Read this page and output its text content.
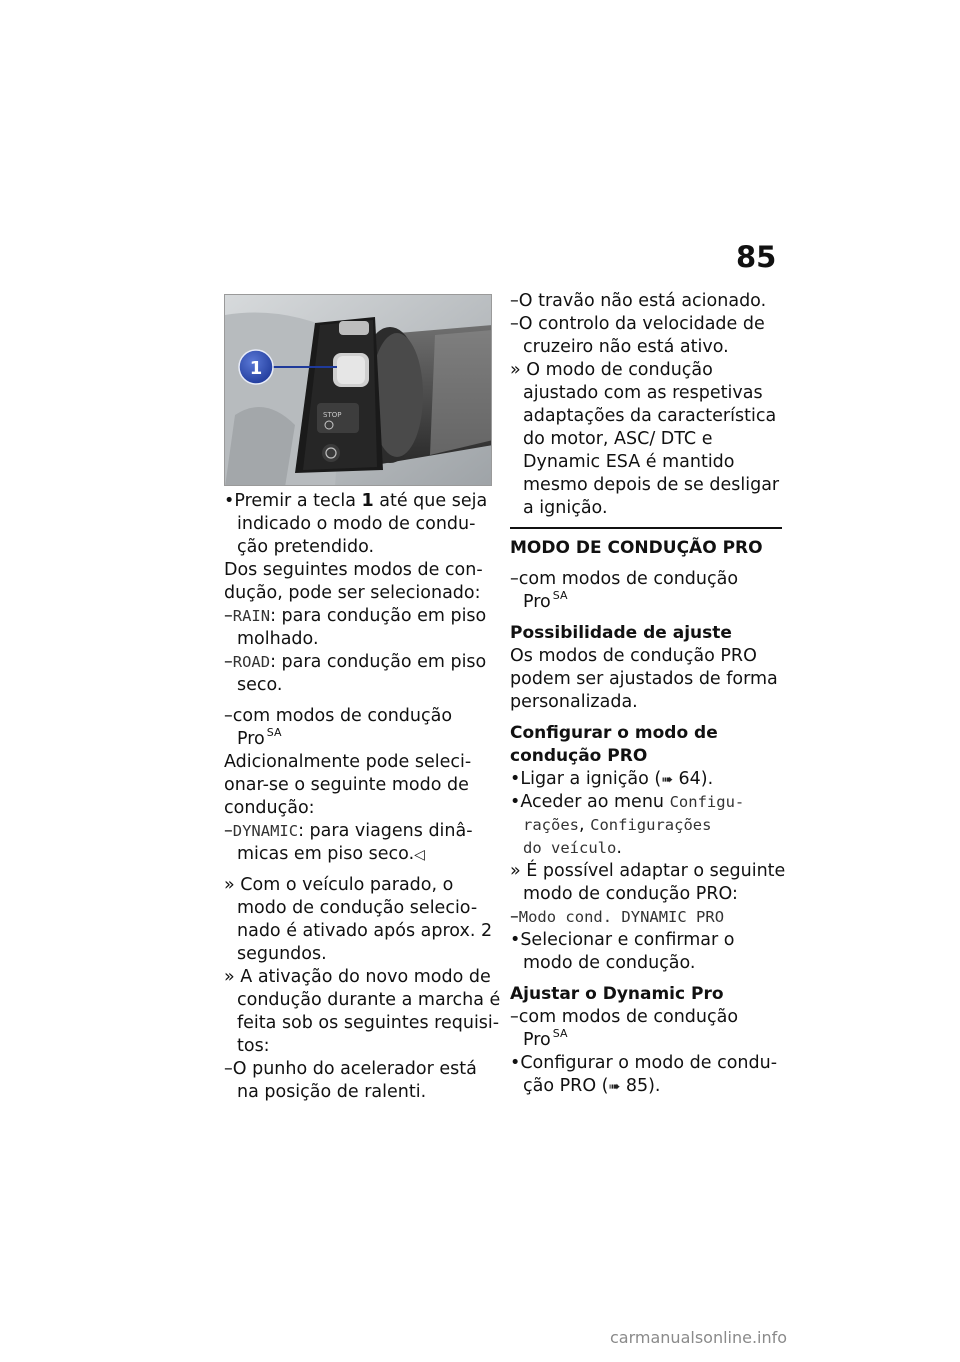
85
STOP
1
•Premir a tecla 1 até que seja
indicado o modo de condu-
ção pretendido.
Dos seguintes modos de con-
dução, pode ser selecionado:
–RAIN: para condução em piso
molhado.
–ROAD: para condução em piso
seco.
–com modos de condução
Pro $^{SA}$
Adicionalmente pode seleci-
onar-se o seguinte modo de
condução:
–DYNAMIC: para viagens dinâ-
micas em piso seco.◁
» Com o veículo parado, o
modo de condução selecio-
nado é ativado após aprox. 2
segundos.
» A ativação do novo modo de
condução durante a marcha é
feita sob os seguintes requisi-
tos:
–O punho do acelerador está
na posição de ralenti.
–O travão não está acionado.
–O controlo da velocidade de
cruzeiro não está ativo.
» O modo de condução
ajustado com as respetivas
adaptações da característica
do motor, ASC/ DTC e
Dynamic ESA é mantido
mesmo depois de se desligar
a ignição.
MODO DE CONDUÇÃO PRO
–com modos de condução
Pro $^{SA}$
Possibilidade de ajuste
Os modos de condução PRO
podem ser ajustados de forma
personalizada.
Configurar o modo de
condução PRO
•Ligar a ignição (➠ 64).
•Aceder ao menu Configu-
rações, Configurações
do veículo.
» É possível adaptar o seguinte
modo de condução PRO:
–Modo cond. DYNAMIC PRO
•Selecionar e confirmar o
modo de condução.
Ajustar o Dynamic Pro
–com modos de condução
Pro $^{SA}$
•Configurar o modo de condu-
ção PRO (➠ 85).
carmanualsonline.info
